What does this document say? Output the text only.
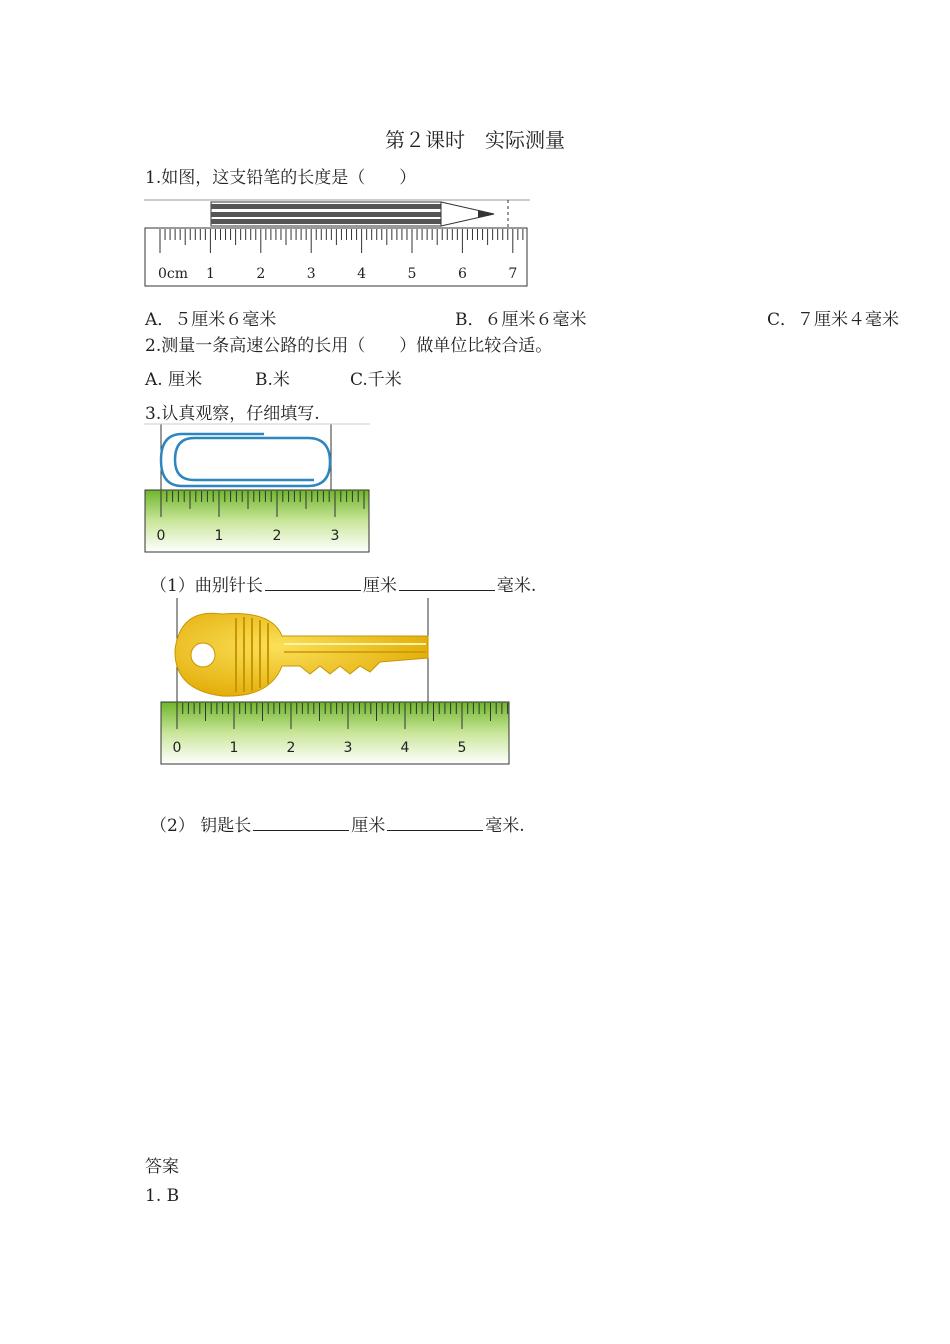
第２课时　实际测量
1.如图，这支铅笔的长度是（　　）
0cm 1	2	3	4	5	6	7
A．５厘米６毫米	B．６厘米６毫米	C．７厘米４毫米
2.测量一条高速公路的长用（　　）做单位比较合适。
A. 厘米	B.米	C.千米
3.认真观察，仔细填写.
0	1	2	3
（1）曲别针长	厘米	毫米.
0	1	2	3	4	5
（2） 钥匙长	厘米	毫米.
答案
1. B
